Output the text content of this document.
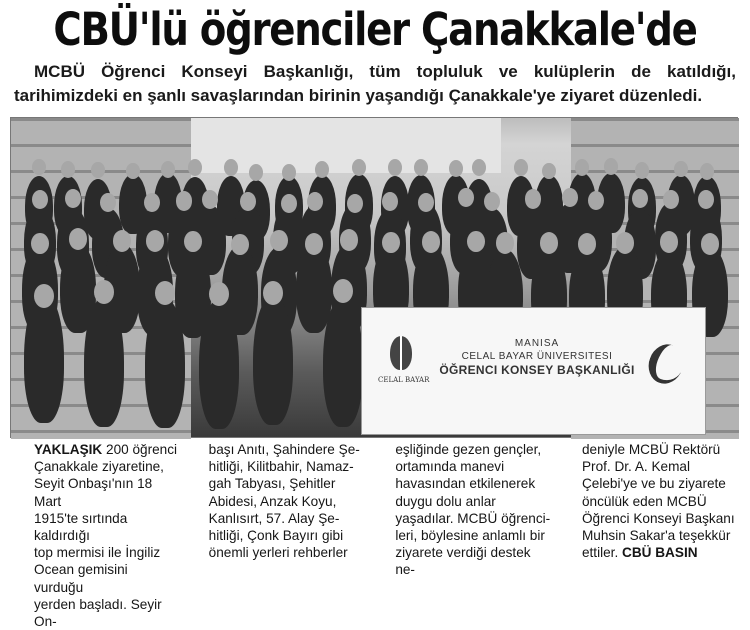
CBÜ'lü öğrenciler Çanakkale'de
MCBÜ Öğrenci Konseyi Başkanlığı, tüm topluluk ve kulüplerin de katıldığı, tarihimizdeki en şanlı savaşlarından birinin yaşandığı Çanakkale'ye ziyaret düzenledi.
CELAL BAYAR
MANISA
CELAL BAYAR ÜNIVERSITESI
ÖĞRENCI KONSEY BAŞKANLIĞI

YAKLAŞIK 200 öğrenci
Çanakkale ziyaretine,
Seyit Onbaşı'nın 18 Mart
1915'te sırtında kaldırdığı
top mermisi ile İngiliz
Ocean gemisini vurduğu
yerden başladı. Seyir On-

başı Anıtı, Şahindere Şe-
hitliği, Kilitbahir, Namaz-
gah Tabyası, Şehitler
Abidesi, Anzak Koyu,
Kanlısırt, 57. Alay Şe-
hitliği, Çonk Bayırı gibi
önemli yerleri rehberler

eşliğinde gezen gençler,
ortamında manevi
havasından etkilenerek
duygu dolu anlar
yaşadılar. MCBÜ öğrenci-
leri, böylesine anlamlı bir
ziyarete verdiği destek ne-

deniyle MCBÜ Rektörü
Prof. Dr. A. Kemal
Çelebi'ye ve bu ziyarete
öncülük eden MCBÜ
Öğrenci Konseyi Başkanı
Muhsin Sakar'a teşekkür
ettiler. CBÜ BASIN
